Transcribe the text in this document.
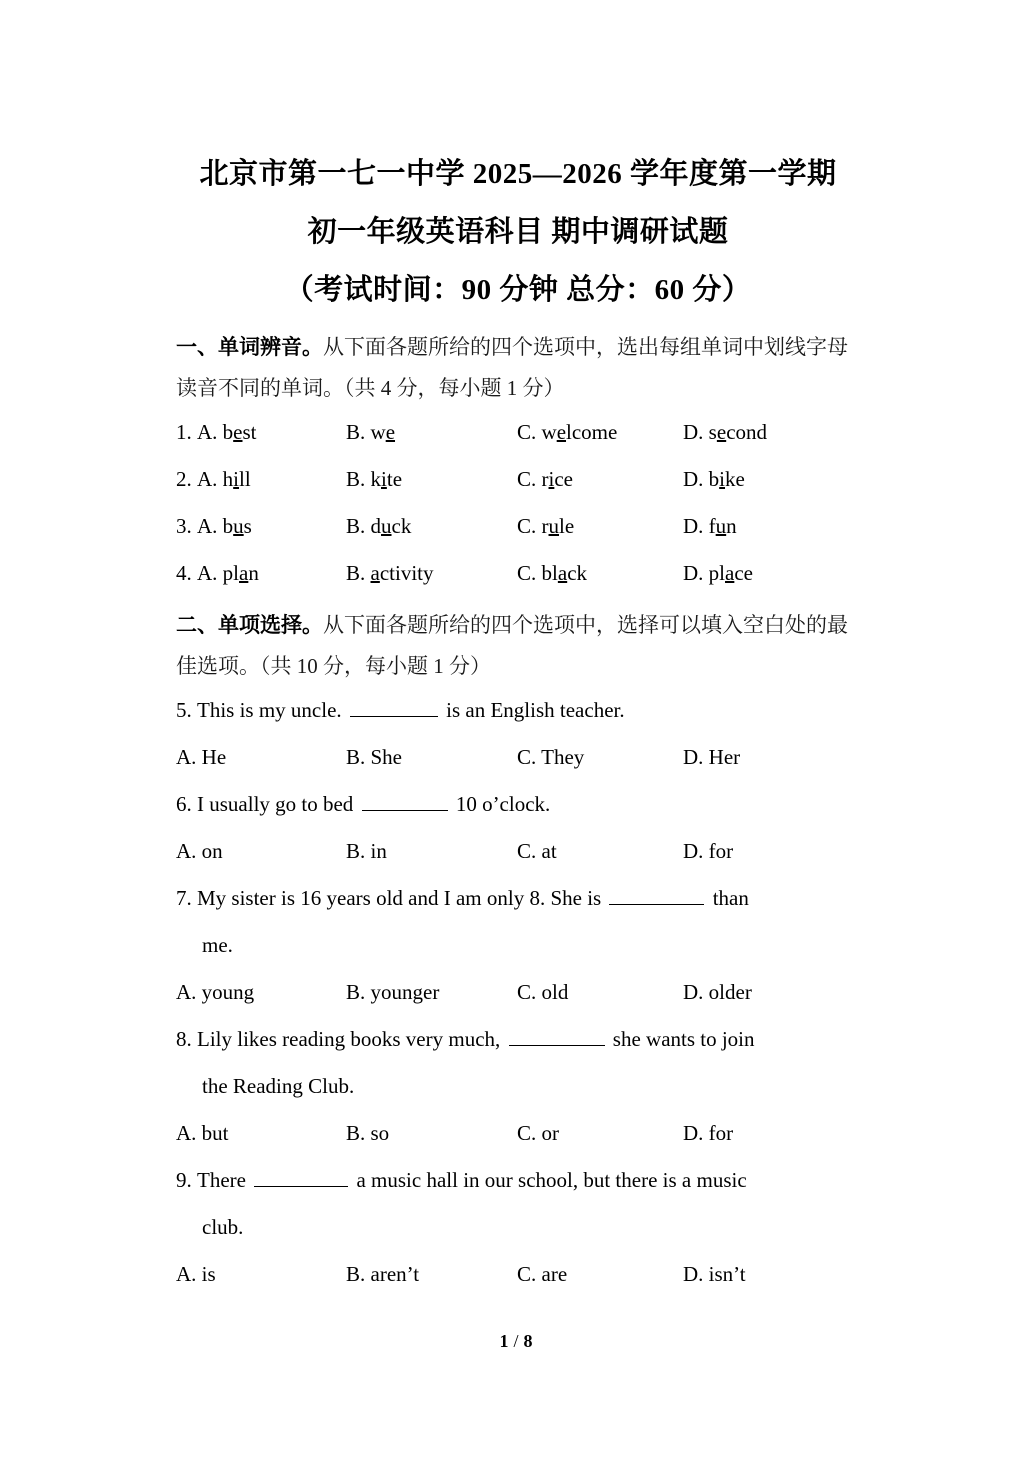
北京市第一七一中学 2025—2026 学年度第一学期
初一年级英语科目 期中调研试题
（考试时间：90 分钟 总分：60 分）
一、单词辨音。从下面各题所给的四个选项中，选出每组单词中划线字母读音不同的单词。（共 4 分，每小题 1 分）
1. A. best	B. we	C. welcome	D. second
2. A. hill	B. kite	C. rice	D. bike
3. A. bus	B. duck	C. rule	D. fun
4. A. plan	B. activity	C. black	D. place
二、单项选择。从下面各题所给的四个选项中，选择可以填入空白处的最佳选项。（共 10 分，每小题 1 分）
5. This is my uncle.	is an English teacher.
A. He	B. She	C. They	D. Her
6. I usually go to bed	10 o’clock.
A. on	B. in	C. at	D. for
7. My sister is 16 years old and I am only 8. She is	than
me.
A. young	B. younger	C. old	D. older
8. Lily likes reading books very much,	she wants to join
the Reading Club.
A. but	B. so	C. or	D. for
9. There	a music hall in our school, but there is a music
club.
A. is	B. aren’t	C. are	D. isn’t
1 / 8
